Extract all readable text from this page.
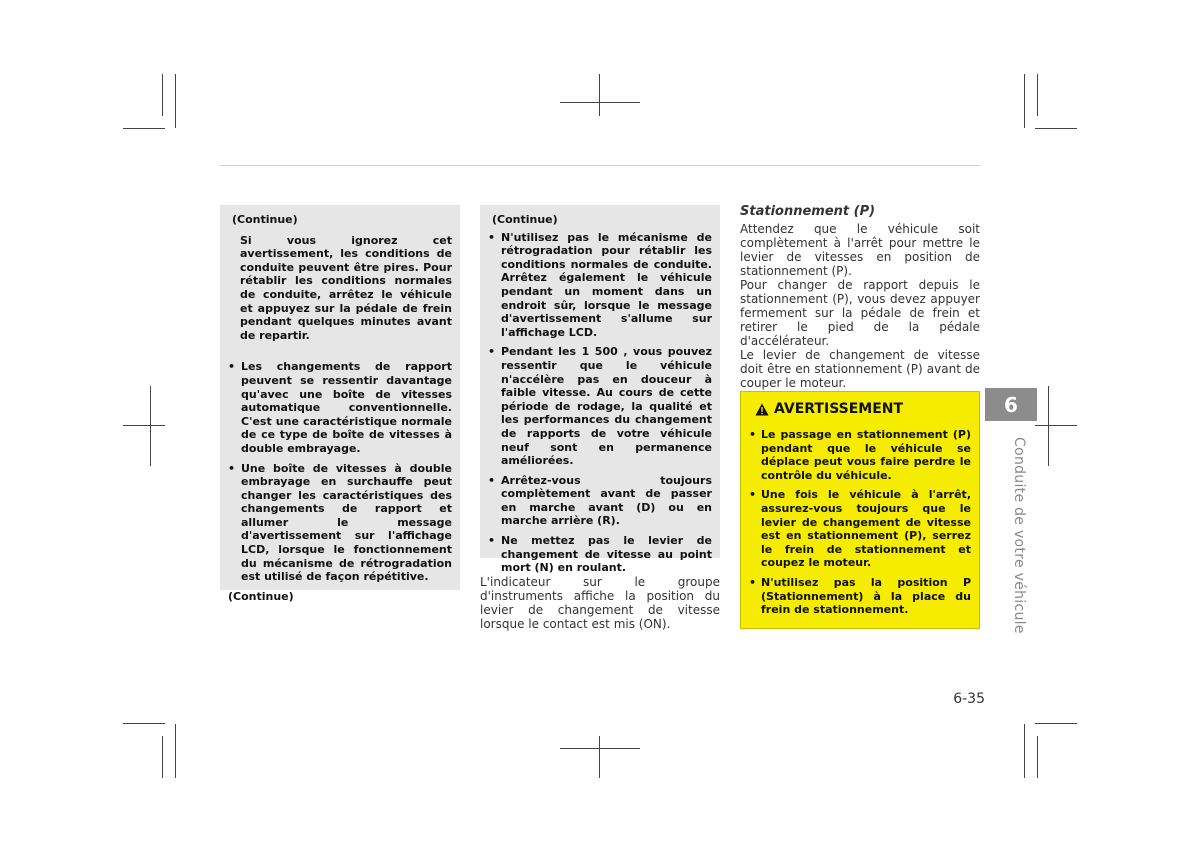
(Continue)

Si vous ignorez cet avertissement, les conditions de conduite peuvent être pires. Pour rétablir les conditions normales de conduite, arrêtez le véhicule et appuyez sur la pédale de frein pendant quelques minutes avant de repartir.

• Les changements de rapport peuvent se ressentir davantage qu'avec une boîte de vitesses automatique conventionnelle. C'est une caractéristique normale de ce type de boîte de vitesses à double embrayage.
• Une boîte de vitesses à double embrayage en surchauffe peut changer les caractéristiques des changements de rapport et allumer le message d'avertissement sur l'affichage LCD, lorsque le fonctionnement du mécanisme de rétrogradation est utilisé de façon répétitive.

(Continue)

(Continue)

• N'utilisez pas le mécanisme de rétrogradation pour rétablir les conditions normales de conduite. Arrêtez également le véhicule pendant un moment dans un endroit sûr, lorsque le message d'avertissement s'allume sur l'affichage LCD.
• Pendant les 1 500 , vous pouvez ressentir que le véhicule n'accélère pas en douceur à faible vitesse. Au cours de cette période de rodage, la qualité et les performances du changement de rapports de votre véhicule neuf sont en permanence améliorées.
• Arrêtez-vous toujours complètement avant de passer en marche avant (D) ou en marche arrière (R).
• Ne mettez pas le levier de changement de vitesse au point mort (N) en roulant.

L'indicateur sur le groupe d'instruments affiche la position du levier de changement de vitesse lorsque le contact est mis (ON).

Stationnement (P)

Attendez que le véhicule soit complètement à l'arrêt pour mettre le levier de vitesses en position de stationnement (P).

Pour changer de rapport depuis le stationnement (P), vous devez appuyer fermement sur la pédale de frein et retirer le pied de la pédale d'accélérateur.

Le levier de changement de vitesse doit être en stationnement (P) avant de couper le moteur.

AVERTISSEMENT
• Le passage en stationnement (P) pendant que le véhicule se déplace peut vous faire perdre le contrôle du véhicule.
• Une fois le véhicule à l'arrêt, assurez-vous toujours que le levier de changement de vitesse est en stationnement (P), serrez le frein de stationnement et coupez le moteur.
• N'utilisez pas la position P (Stationnement) à la place du frein de stationnement.
6
Conduite de votre véhicule
6-35
